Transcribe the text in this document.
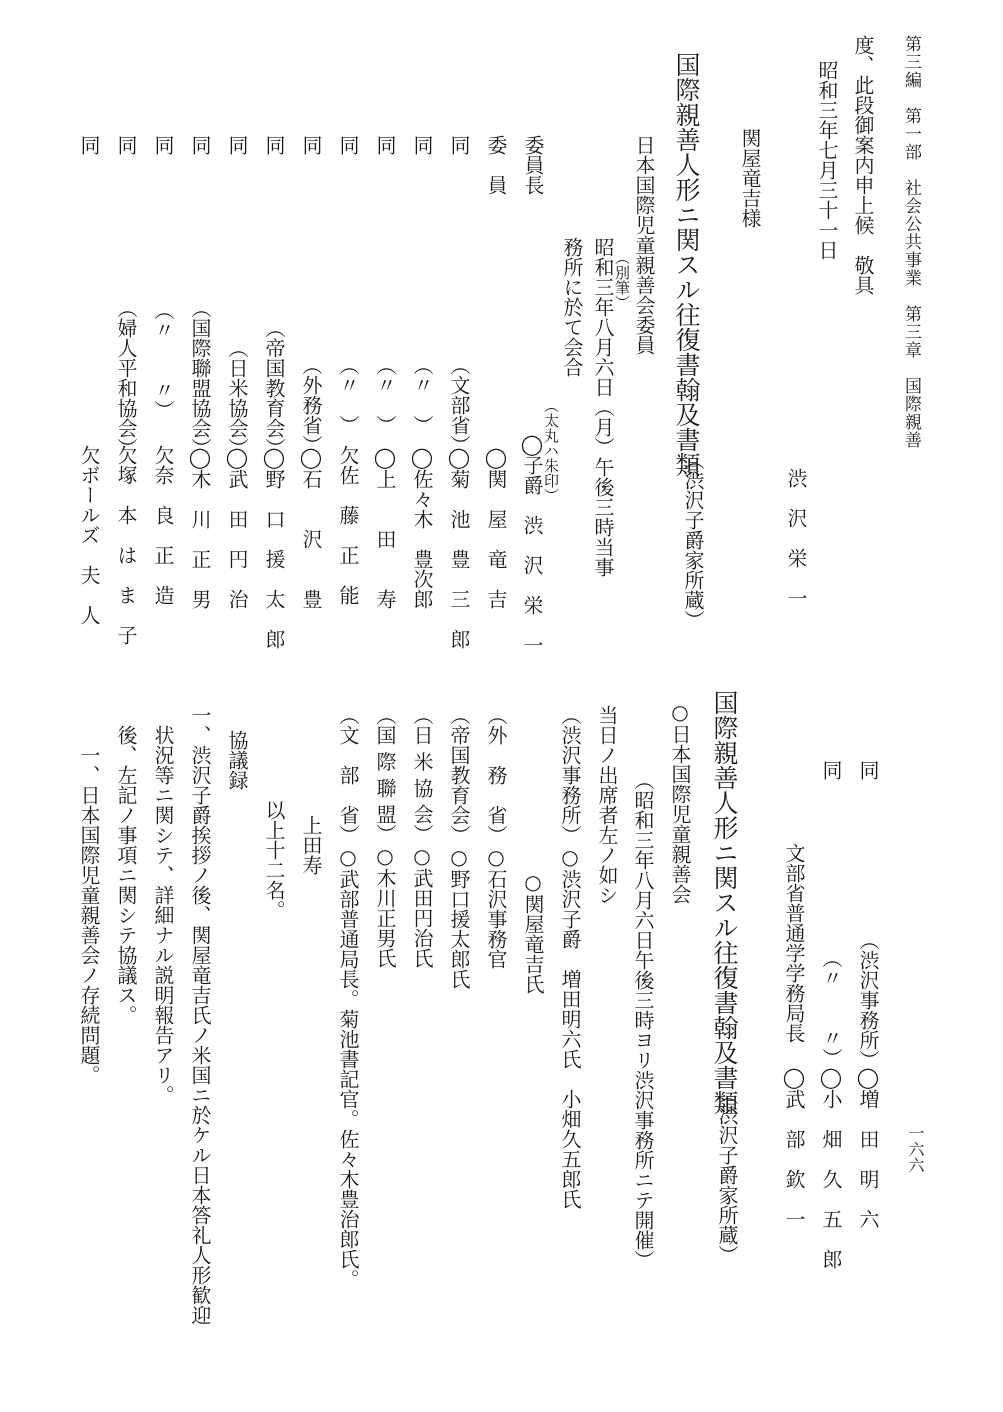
第三編　第一部　社会公共事業　第三章　国際親善
一六六
度、此段御案内申上候　敬具
昭和三年七月三十一日
渋　沢　栄　一
関屋竜吉様
国際親善人形ニ関スル往復書翰及書類
（渋沢子爵家所蔵）
日本国際児童親善会委員
（別筆）
昭和三年八月六日（月）午後三時当事
務所に於て会合
（太丸ハ朱印）
委員長
◯
子爵　渋　沢　栄　一
委　員
◯関　屋　竜　吉
同
（文部省）
◯菊　池　豊　三　郎
同
（〃　）
◯佐々木　豊次郎
同
（〃　）
◯上　　田　　寿
同
（〃　）
欠佐　藤　正　能
同
（外務省）
◯石　　沢　　豊
同
（帝国教育会）
◯野　口　援　太　郎
同
（日米協会）
◯武　田　円　治
同
（国際聯盟協会）
◯木　川　正　男
同
（〃　　〃）
欠奈　良　正　造
同
（婦人平和協会）
欠塚　本　は　ま　子
同
欠ボールズ　夫　人
同
（渋沢事務所）
◯増　田　明　六
同
（〃　　〃）
◯小　畑　久　五　郎
文部省普通学学務局長
◯武　部　欽　一
国際親善人形ニ関スル往復書翰及書類
（渋沢子爵家所蔵）
○日本国際児童親善会
（昭和三年八月六日午後三時ヨリ渋沢事務所ニテ開催）
当日ノ出席者左ノ如シ
（渋沢事務所）○渋沢子爵　増田明六氏　小畑久五郎氏
○関屋竜吉氏
（外　務　省）○石沢事務官
（帝国教育会）○野口援太郎氏
（日 米 協 会）○武田円治氏
（国 際 聯 盟）○木川正男氏
（文　部　省）○武部普通局長。菊池書記官。佐々木豊治郎氏。
上田寿
以上十二名。
協議録
一、渋沢子爵挨拶ノ後、関屋竜吉氏ノ米国ニ於ケル日本答礼人形歓迎
状況等ニ関シテ、詳細ナル説明報告アリ。
後、左記ノ事項ニ関シテ協議ス。
一、日本国際児童親善会ノ存続問題。
